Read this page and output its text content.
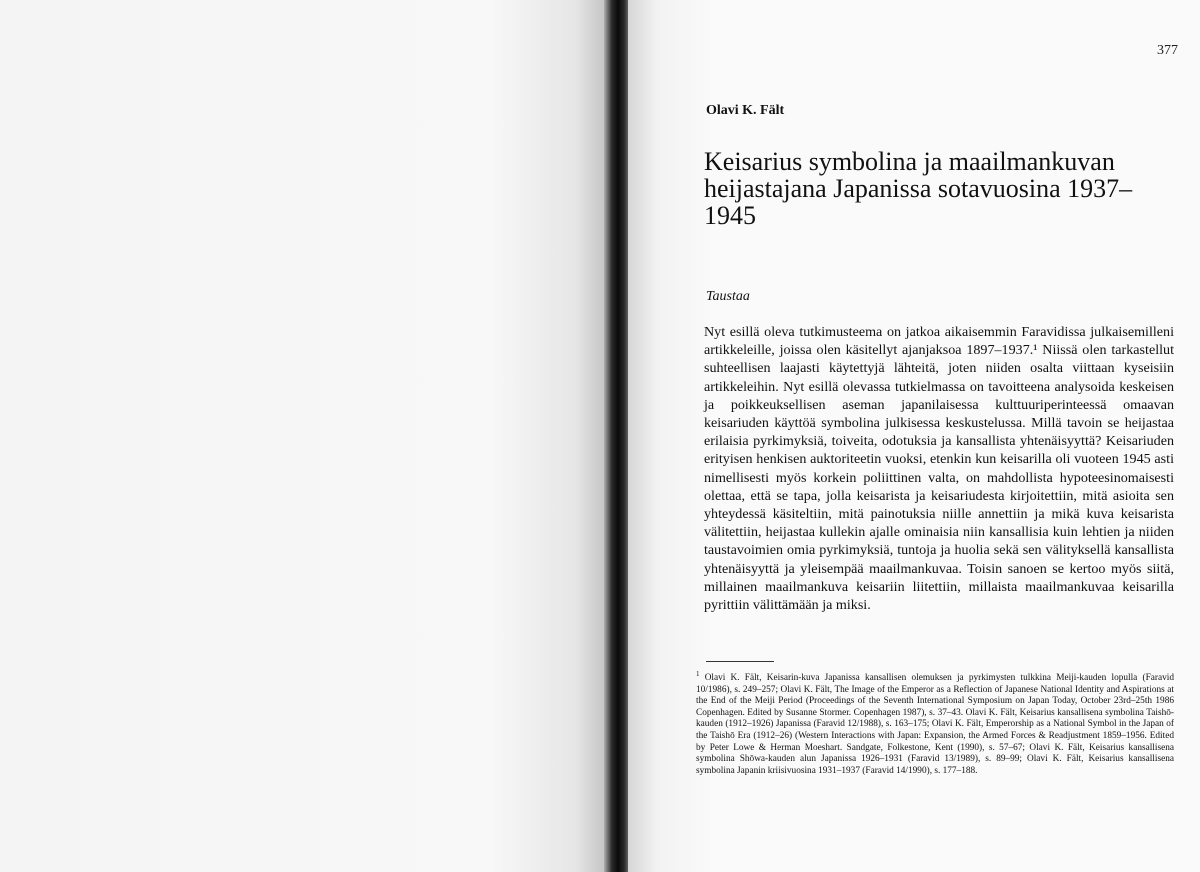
377
Olavi K. Fält
Keisarius symbolina ja maailmankuvan heijastajana Japanissa sotavuosina 1937–1945
Taustaa

Nyt esillä oleva tutkimusteema on jatkoa aikaisemmin Faravidissa julkaisemilleni artikkeleille, joissa olen käsitellyt ajanjaksoa 1897–1937.¹ Niissä olen tarkastellut suhteellisen laajasti käytettyjä lähteitä, joten niiden osalta viittaan kyseisiin artikkeleihin. Nyt esillä olevassa tutkielmassa on tavoitteena analysoida keskeisen ja poikkeuksellisen aseman japanilaisessa kulttuuriperinteessä omaavan keisariuden käyttöä symbolina julkisessa keskustelussa. Millä tavoin se heijastaa erilaisia pyrkimyksiä, toiveita, odotuksia ja kansallista yhtenäisyyttä? Keisariuden erityisen henkisen auktoriteetin vuoksi, etenkin kun keisarilla oli vuoteen 1945 asti nimellisesti myös korkein poliittinen valta, on mahdollista hypoteesinomaisesti olettaa, että se tapa, jolla keisarista ja keisariudesta kirjoitettiin, mitä asioita sen yhteydessä käsiteltiin, mitä painotuksia niille annettiin ja mikä kuva keisarista välitettiin, heijastaa kullekin ajalle ominaisia niin kansallisia kuin lehtien ja niiden taustavoimien omia pyrkimyksiä, tuntoja ja huolia sekä sen välityksellä kansallista yhtenäisyyttä ja yleisempää maailmankuvaa. Toisin sanoen se kertoo myös siitä, millainen maailmankuva keisariin liitettiin, millaista maailmankuvaa keisarilla pyrittiin välittämään ja miksi.

$^1$ Olavi K. Fält, Keisarin-kuva Japanissa kansallisen olemuksen ja pyrkimysten tulkkina Meiji-kauden lopulla (Faravid 10/1986), s. 249–257; Olavi K. Fält, The Image of the Emperor as a Reflection of Japanese National Identity and Aspirations at the End of the Meiji Period (Proceedings of the Seventh International Symposium on Japan Today, October 23rd–25th 1986 Copenhagen. Edited by Susanne Stormer. Copenhagen 1987), s. 37–43. Olavi K. Fält, Keisarius kansallisena symbolina Taishō-kauden (1912–1926) Japanissa (Faravid 12/1988), s. 163–175; Olavi K. Fält, Emperorship as a National Symbol in the Japan of the Taishō Era (1912–26) (Western Interactions with Japan: Expansion, the Armed Forces & Readjustment 1859–1956. Edited by Peter Lowe & Herman Moeshart. Sandgate, Folkestone, Kent (1990), s. 57–67; Olavi K. Fält, Keisarius kansallisena symbolina Shōwa-kauden alun Japanissa 1926–1931 (Faravid 13/1989), s. 89–99; Olavi K. Fält, Keisarius kansallisena symbolina Japanin kriisivuosina 1931–1937 (Faravid 14/1990), s. 177–188.
